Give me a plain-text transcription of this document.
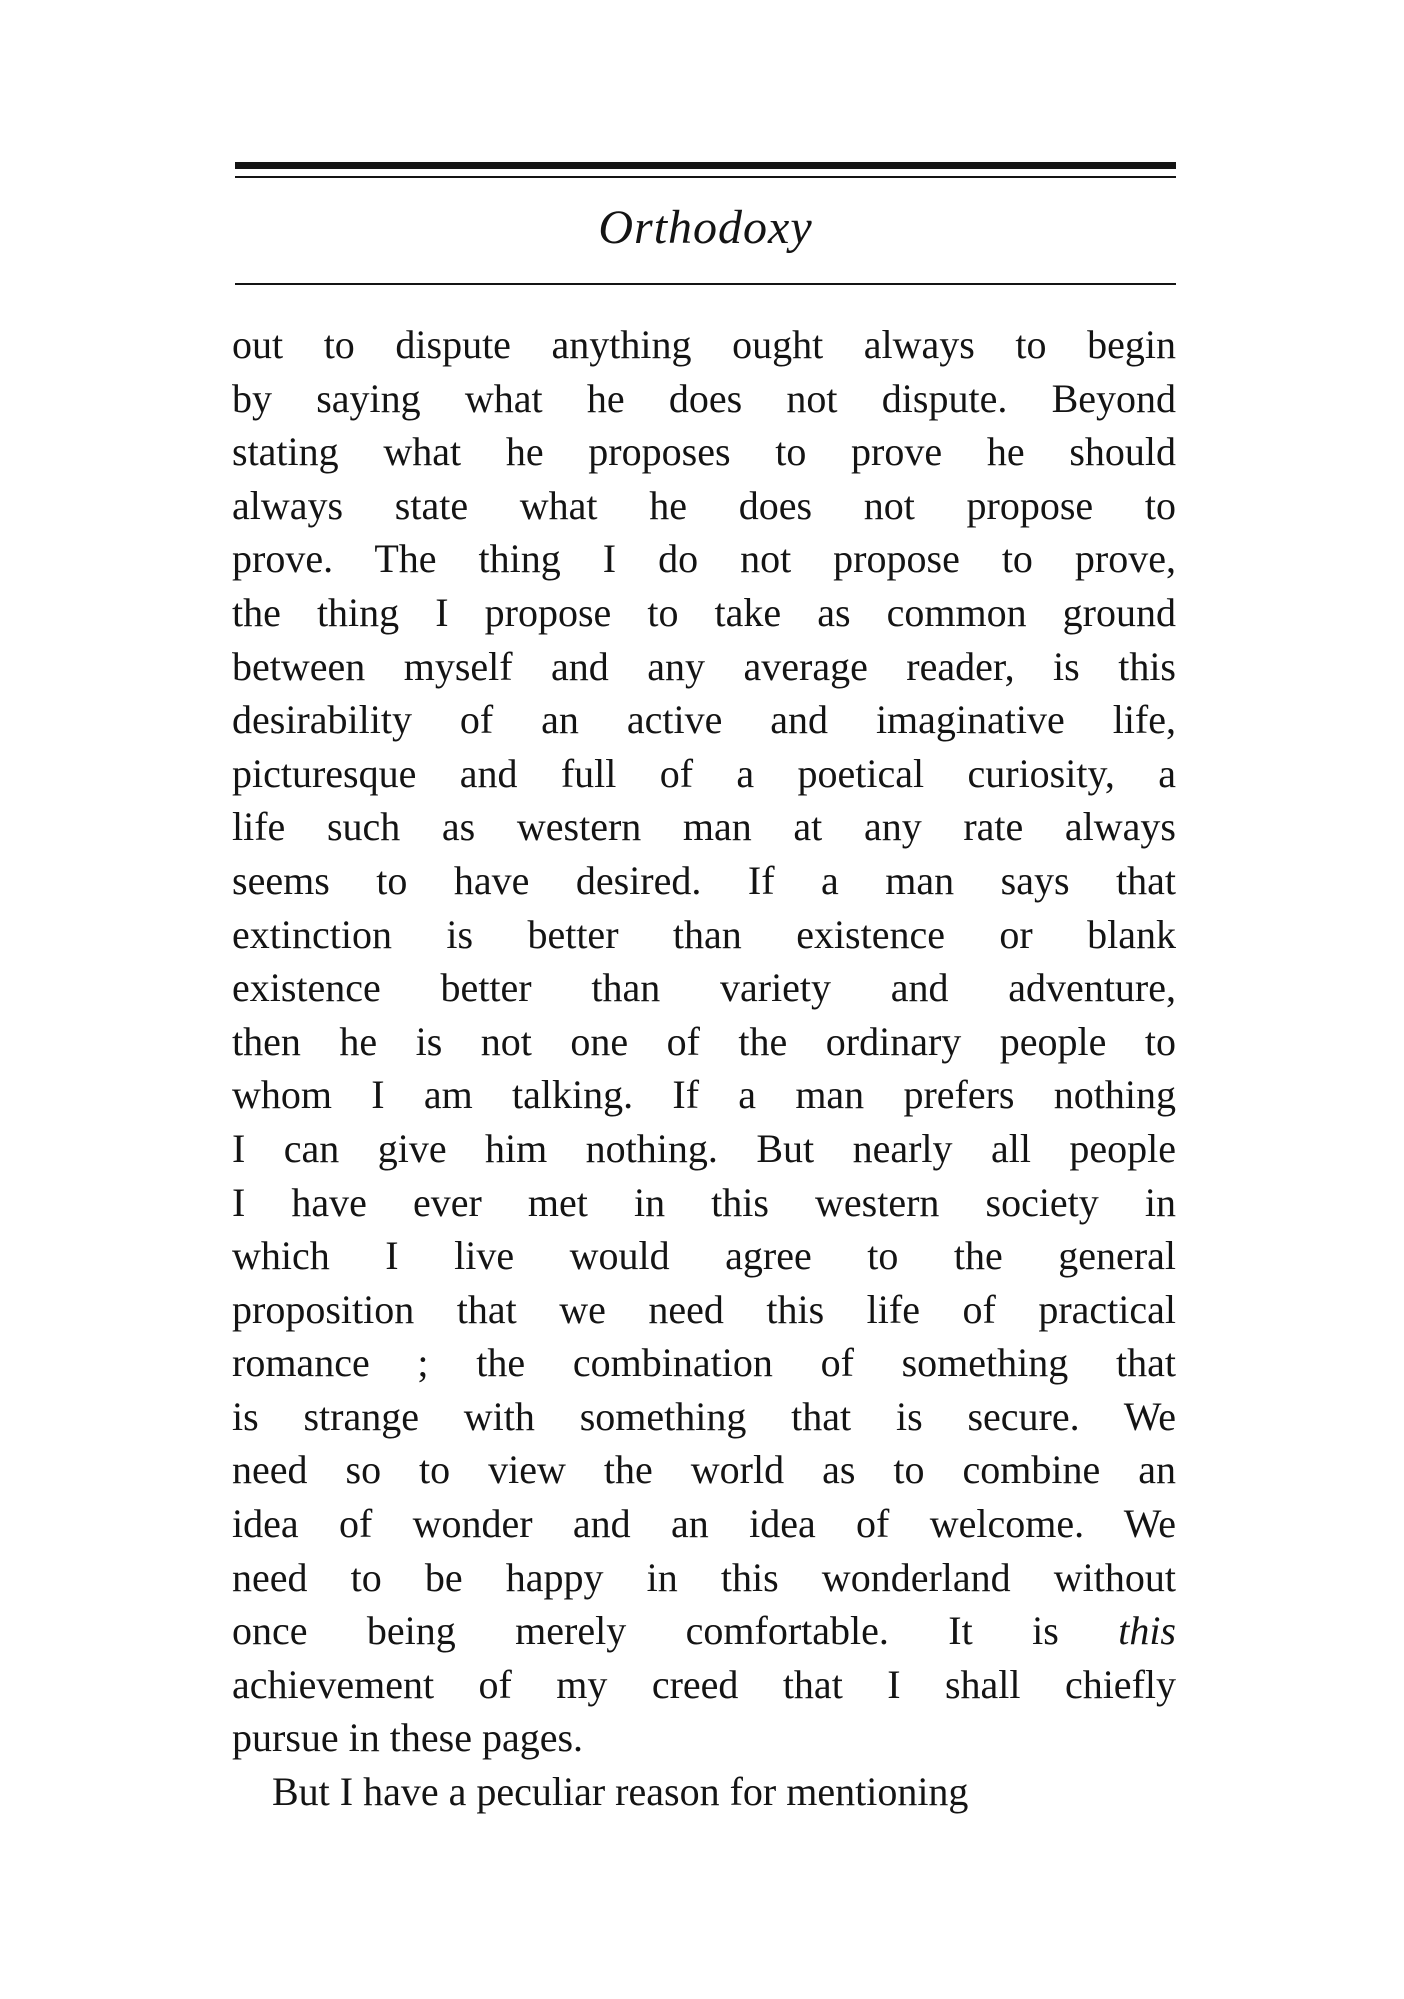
Orthodoxy
out to dispute anything ought always to begin
by saying what he does not dispute. Beyond
stating what he proposes to prove he should
always state what he does not propose to
prove. The thing I do not propose to prove,
the thing I propose to take as common ground
between myself and any average reader, is this
desirability of an active and imaginative life,
picturesque and full of a poetical curiosity, a
life such as western man at any rate always
seems to have desired. If a man says that
extinction is better than existence or blank
existence better than variety and adventure,
then he is not one of the ordinary people to
whom I am talking. If a man prefers nothing
I can give him nothing. But nearly all people
I have ever met in this western society in
which I live would agree to the general
proposition that we need this life of practical
romance ; the combination of something that
is strange with something that is secure. We
need so to view the world as to combine an
idea of wonder and an idea of welcome. We
need to be happy in this wonderland without
once being merely comfortable. It is this
achievement of my creed that I shall chiefly
pursue in these pages.
But I have a peculiar reason for mentioning
